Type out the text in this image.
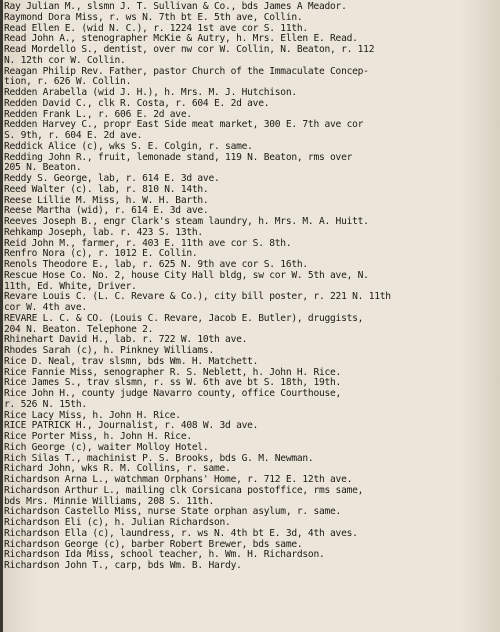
Ray Julian M., slsmn J. T. Sullivan & Co., bds James A Meador.
Raymond Dora Miss, r. ws N. 7th bt E. 5th ave, Collin.
Read Ellen E. (wid N. C.), r. 1224 1st ave cor S. 11th.
Read John A., stenographer McKie & Autry, h. Mrs. Ellen E. Read.
Read Mordello S., dentist, over nw cor W. Collin, N. Beaton, r. 112
N. 12th cor W. Collin.
Reagan Philip Rev. Father, pastor Church of the Immaculate Concep-
tion, r. 626 W. Collin.
Redden Arabella (wid J. H.), h. Mrs. M. J. Hutchison.
Redden David C., clk R. Costa, r. 604 E. 2d ave.
Redden Frank L., r. 606 E. 2d ave.
Redden Harvey C., propr East Side meat market, 300 E. 7th ave cor
S. 9th, r. 604 E. 2d ave.
Reddick Alice (c), wks S. E. Colgin, r. same.
Redding John R., fruit, lemonade stand, 119 N. Beaton, rms over
205 N. Beaton.
Reddy S. George, lab, r. 614 E. 3d ave.
Reed Walter (c). lab, r. 810 N. 14th.
Reese Lillie M. Miss, h. W. H. Barth.
Reese Martha (wid), r. 614 E. 3d ave.
Reeves Joseph B., engr Clark's steam laundry, h. Mrs. M. A. Huitt.
Rehkamp Joseph, lab. r. 423 S. 13th.
Reid John M., farmer, r. 403 E. 11th ave cor S. 8th.
Renfro Nora (c), r. 1012 E. Collin.
Renols Theodore E., lab, r. 625 N. 9th ave cor S. 16th.
Rescue Hose Co. No. 2, house City Hall bldg, sw cor W. 5th ave, N.
11th, Ed. White, Driver.
Revare Louis C. (L. C. Revare & Co.), city bill poster, r. 221 N. 11th
cor W. 4th ave.
REVARE L. C. & CO. (Louis C. Revare, Jacob E. Butler), druggists,
204 N. Beaton. Telephone 2.
Rhinehart David H., lab. r. 722 W. 10th ave.
Rhodes Sarah (c), h. Pinkney Williams.
Rice D. Neal, trav slsmn, bds Wm. H. Matchett.
Rice Fannie Miss, senographer R. S. Neblett, h. John H. Rice.
Rice James S., trav slsmn, r. ss W. 6th ave bt S. 18th, 19th.
Rice John H., county judge Navarro county, office Courthouse,
r. 526 N. 15th.
Rice Lacy Miss, h. John H. Rice.
RICE PATRICK H., Journalist, r. 408 W. 3d ave.
Rice Porter Miss, h. John H. Rice.
Rich George (c), waiter Molloy Hotel.
Rich Silas T., machinist P. S. Brooks, bds G. M. Newman.
Richard John, wks R. M. Collins, r. same.
Richardson Arna L., watchman Orphans' Home, r. 712 E. 12th ave.
Richardson Arthur L., mailing clk Corsicana postoffice, rms same,
bds Mrs. Minnie Williams, 208 S. 11th.
Richardson Castello Miss, nurse State orphan asylum, r. same.
Richardson Eli (c), h. Julian Richardson.
Richardson Ella (c), laundress, r. ws N. 4th bt E. 3d, 4th aves.
Richardson George (c), barber Robert Brewer, bds same.
Richardson Ida Miss, school teacher, h. Wm. H. Richardson.
Richardson John T., carp, bds Wm. B. Hardy.
